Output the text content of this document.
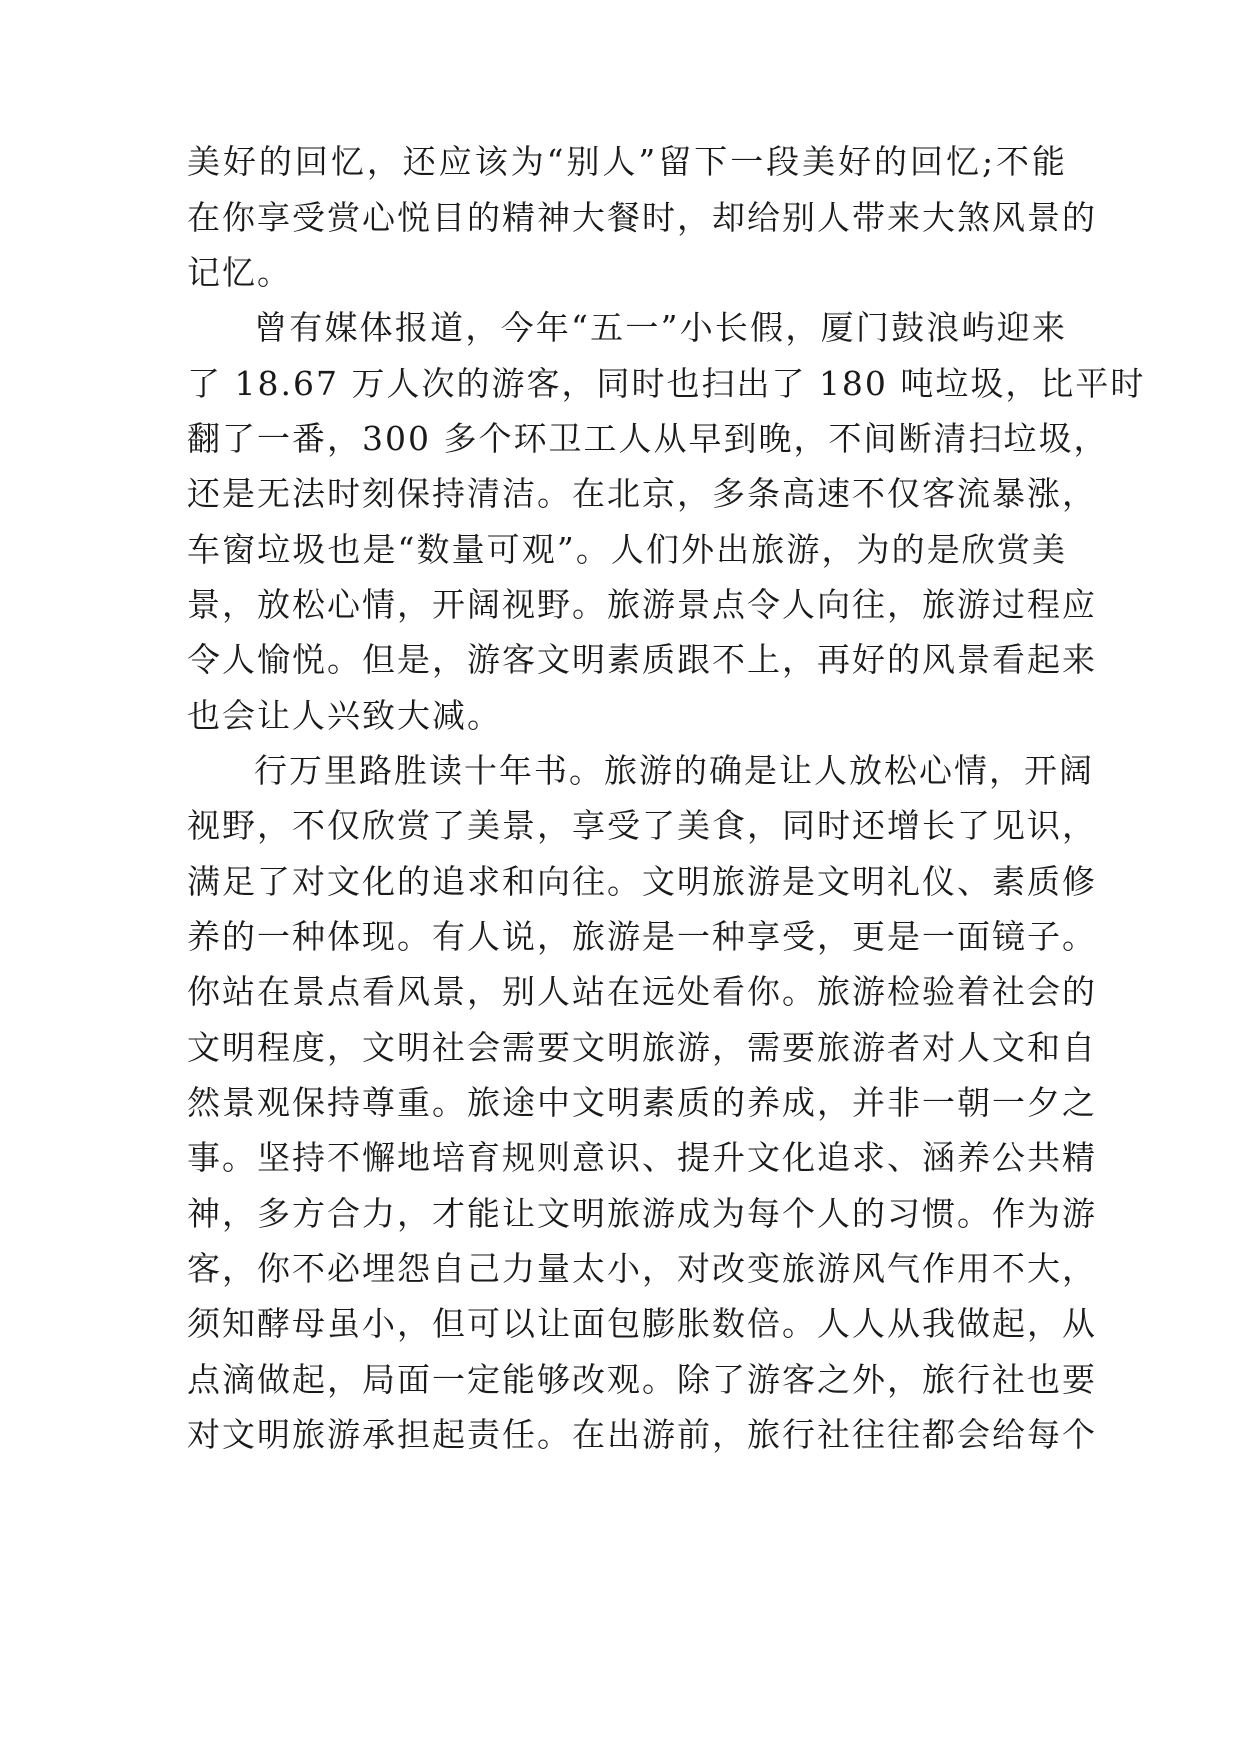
美好的回忆，还应该为“别人”留下一段美好的回忆;不能
在你享受赏心悦目的精神大餐时，却给别人带来大煞风景的
记忆。
曾有媒体报道，今年“五一”小长假，厦门鼓浪屿迎来
了 18.67 万人次的游客，同时也扫出了 180 吨垃圾，比平时
翻了一番，300 多个环卫工人从早到晚，不间断清扫垃圾，
还是无法时刻保持清洁。在北京，多条高速不仅客流暴涨，
车窗垃圾也是“数量可观”。人们外出旅游，为的是欣赏美
景，放松心情，开阔视野。旅游景点令人向往，旅游过程应
令人愉悦。但是，游客文明素质跟不上，再好的风景看起来
也会让人兴致大减。
行万里路胜读十年书。旅游的确是让人放松心情，开阔
视野，不仅欣赏了美景，享受了美食，同时还增长了见识，
满足了对文化的追求和向往。文明旅游是文明礼仪、素质修
养的一种体现。有人说，旅游是一种享受，更是一面镜子。
你站在景点看风景，别人站在远处看你。旅游检验着社会的
文明程度，文明社会需要文明旅游，需要旅游者对人文和自
然景观保持尊重。旅途中文明素质的养成，并非一朝一夕之
事。坚持不懈地培育规则意识、提升文化追求、涵养公共精
神，多方合力，才能让文明旅游成为每个人的习惯。作为游
客，你不必埋怨自己力量太小，对改变旅游风气作用不大，
须知酵母虽小，但可以让面包膨胀数倍。人人从我做起，从
点滴做起，局面一定能够改观。除了游客之外，旅行社也要
对文明旅游承担起责任。在出游前，旅行社往往都会给每个
